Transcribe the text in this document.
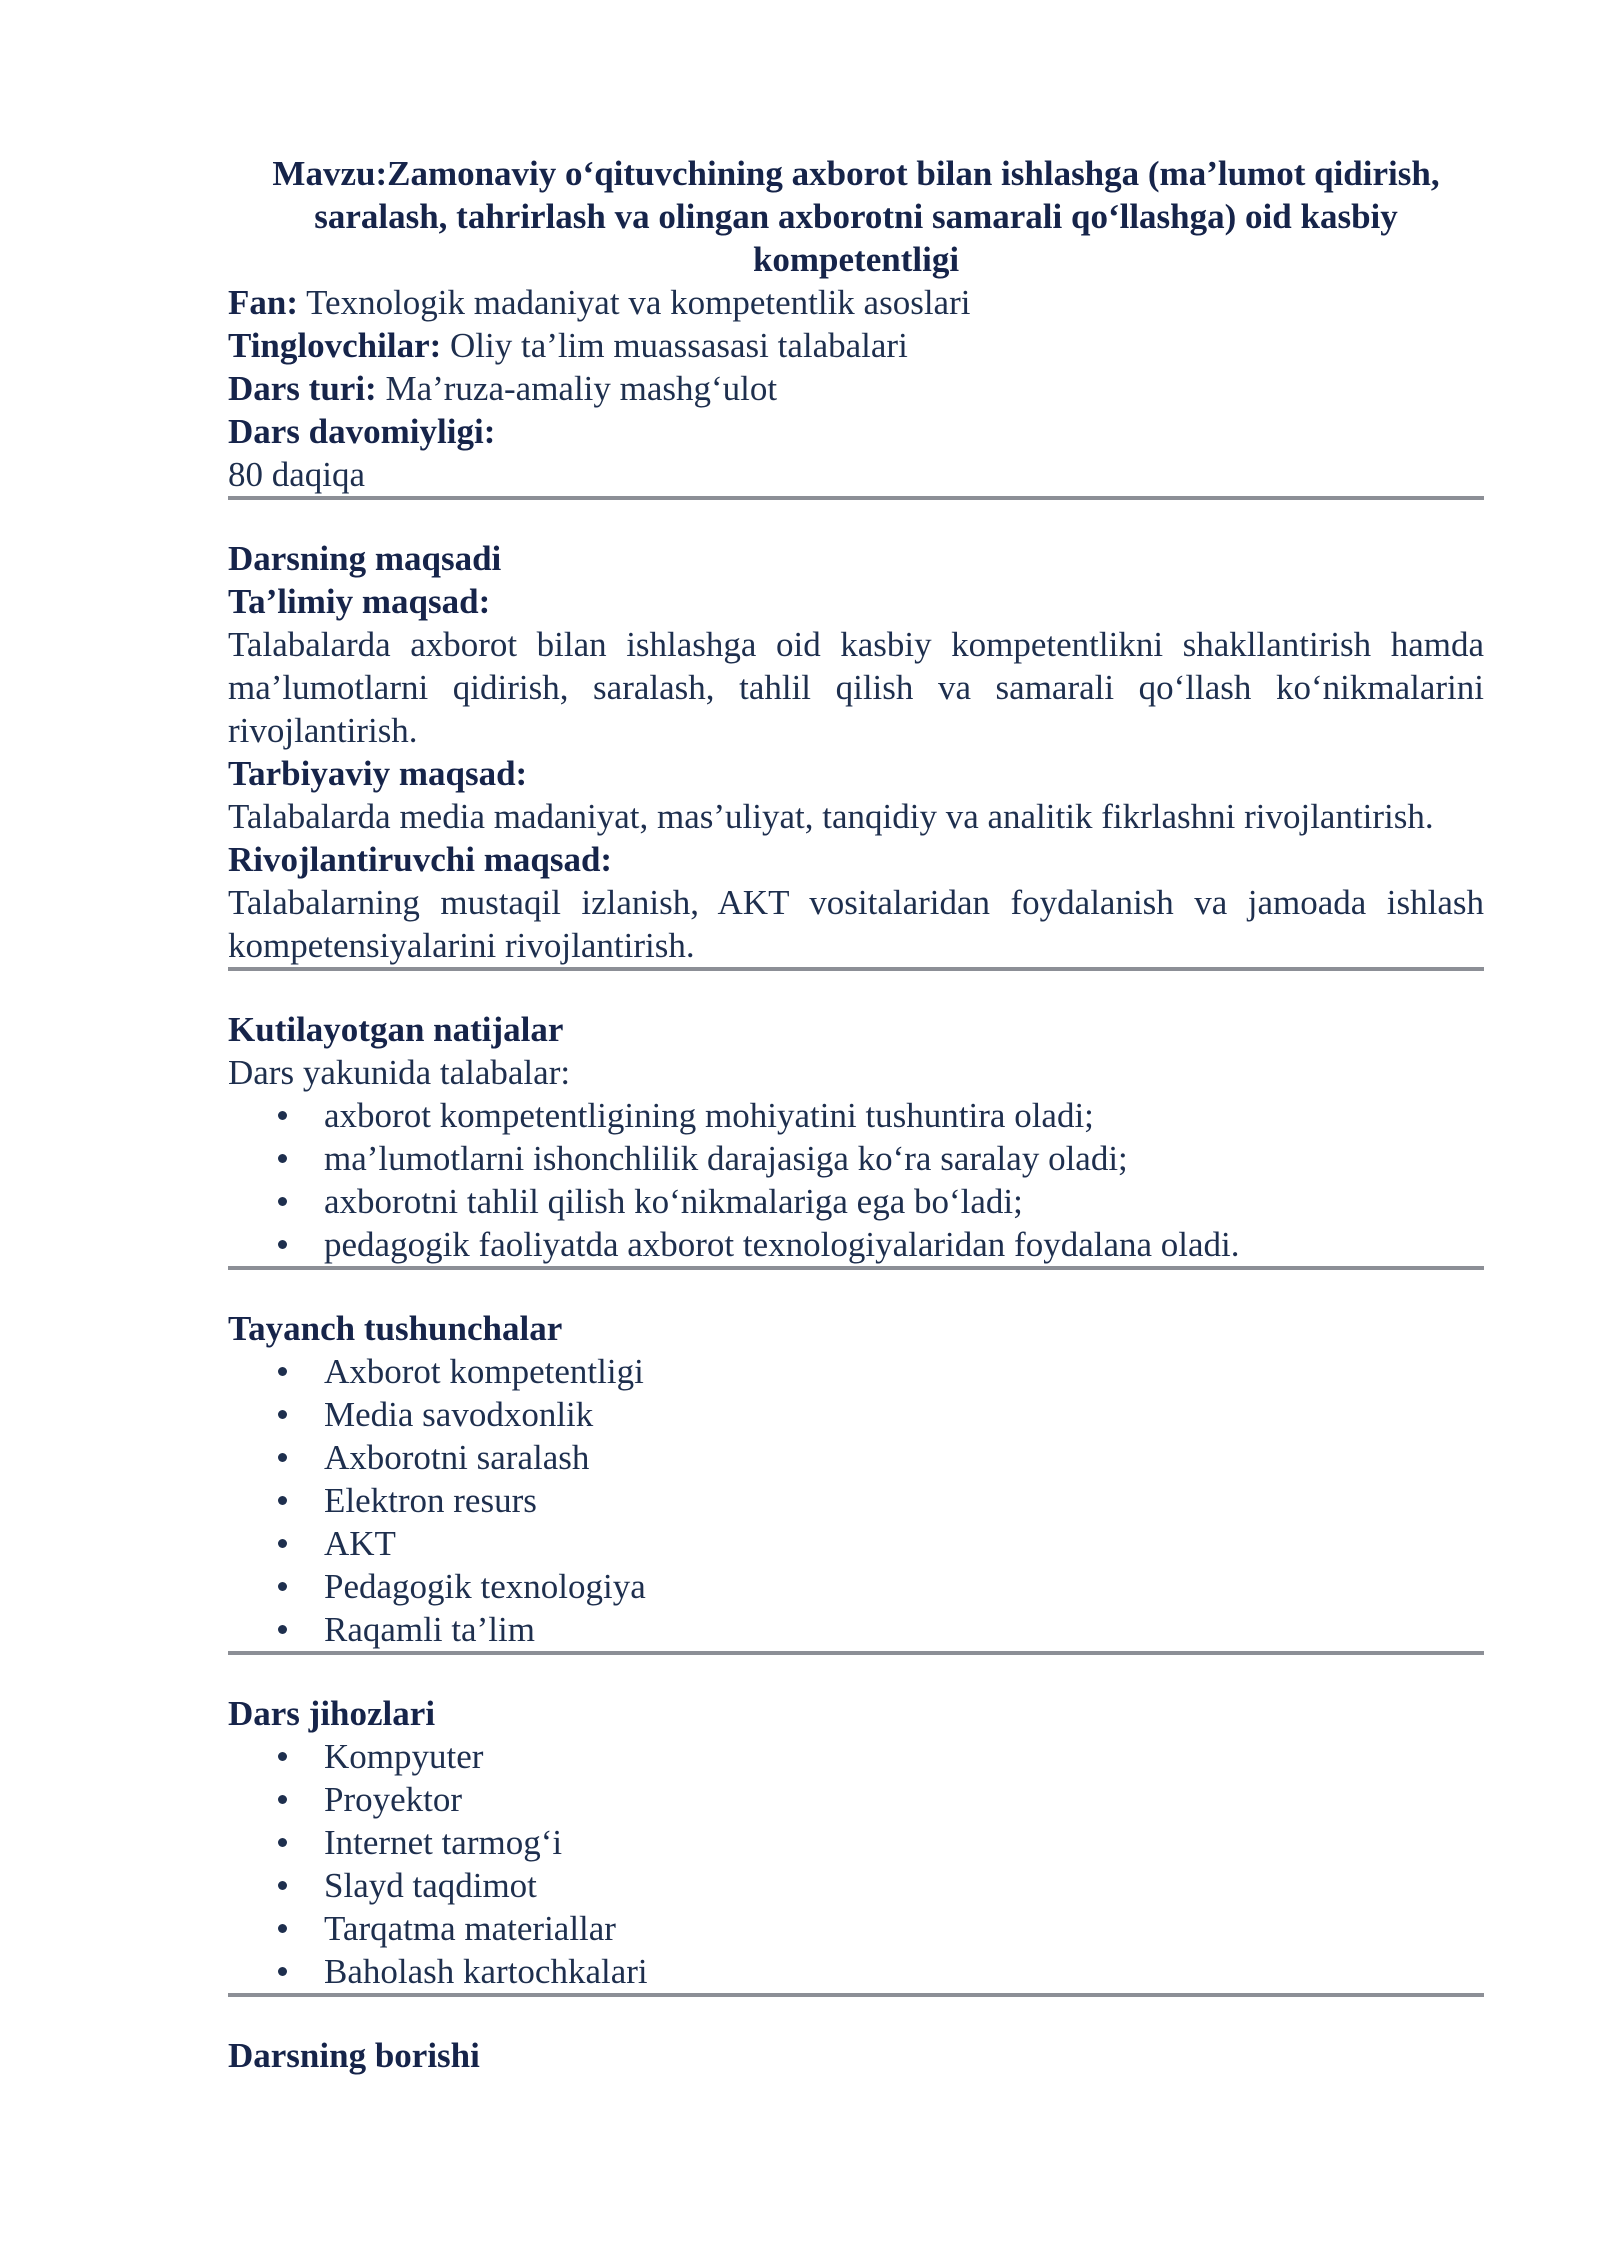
Mavzu:Zamonaviy o‘qituvchining axborot bilan ishlashga (ma’lumot qidirish, saralash, tahrirlash va olingan axborotni samarali qo‘llashga) oid kasbiy kompetentligi

Fan: Texnologik madaniyat va kompetentlik asoslari

Tinglovchilar: Oliy ta’lim muassasasi talabalari

Dars turi: Ma’ruza-amaliy mashg‘ulot

Dars davomiyligi:

80 daqiqa

Darsning maqsadi

Ta’limiy maqsad:

Talabalarda axborot bilan ishlashga oid kasbiy kompetentlikni shakllantirish hamda ma’lumotlarni qidirish, saralash, tahlil qilish va samarali qo‘llash ko‘nikmalarini rivojlantirish.

Tarbiyaviy maqsad:

Talabalarda media madaniyat, mas’uliyat, tanqidiy va analitik fikrlashni rivojlantirish.

Rivojlantiruvchi maqsad:

Talabalarning mustaqil izlanish, AKT vositalaridan foydalanish va jamoada ishlash kompetensiyalarini rivojlantirish.

Kutilayotgan natijalar

Dars yakunida talabalar:

axborot kompetentligining mohiyatini tushuntira oladi;
ma’lumotlarni ishonchlilik darajasiga ko‘ra saralay oladi;
axborotni tahlil qilish ko‘nikmalariga ega bo‘ladi;
pedagogik faoliyatda axborot texnologiyalaridan foydalana oladi.

Tayanch tushunchalar

Axborot kompetentligi
Media savodxonlik
Axborotni saralash
Elektron resurs
AKT
Pedagogik texnologiya
Raqamli ta’lim

Dars jihozlari

Kompyuter
Proyektor
Internet tarmog‘i
Slayd taqdimot
Tarqatma materiallar
Baholash kartochkalari

Darsning borishi
